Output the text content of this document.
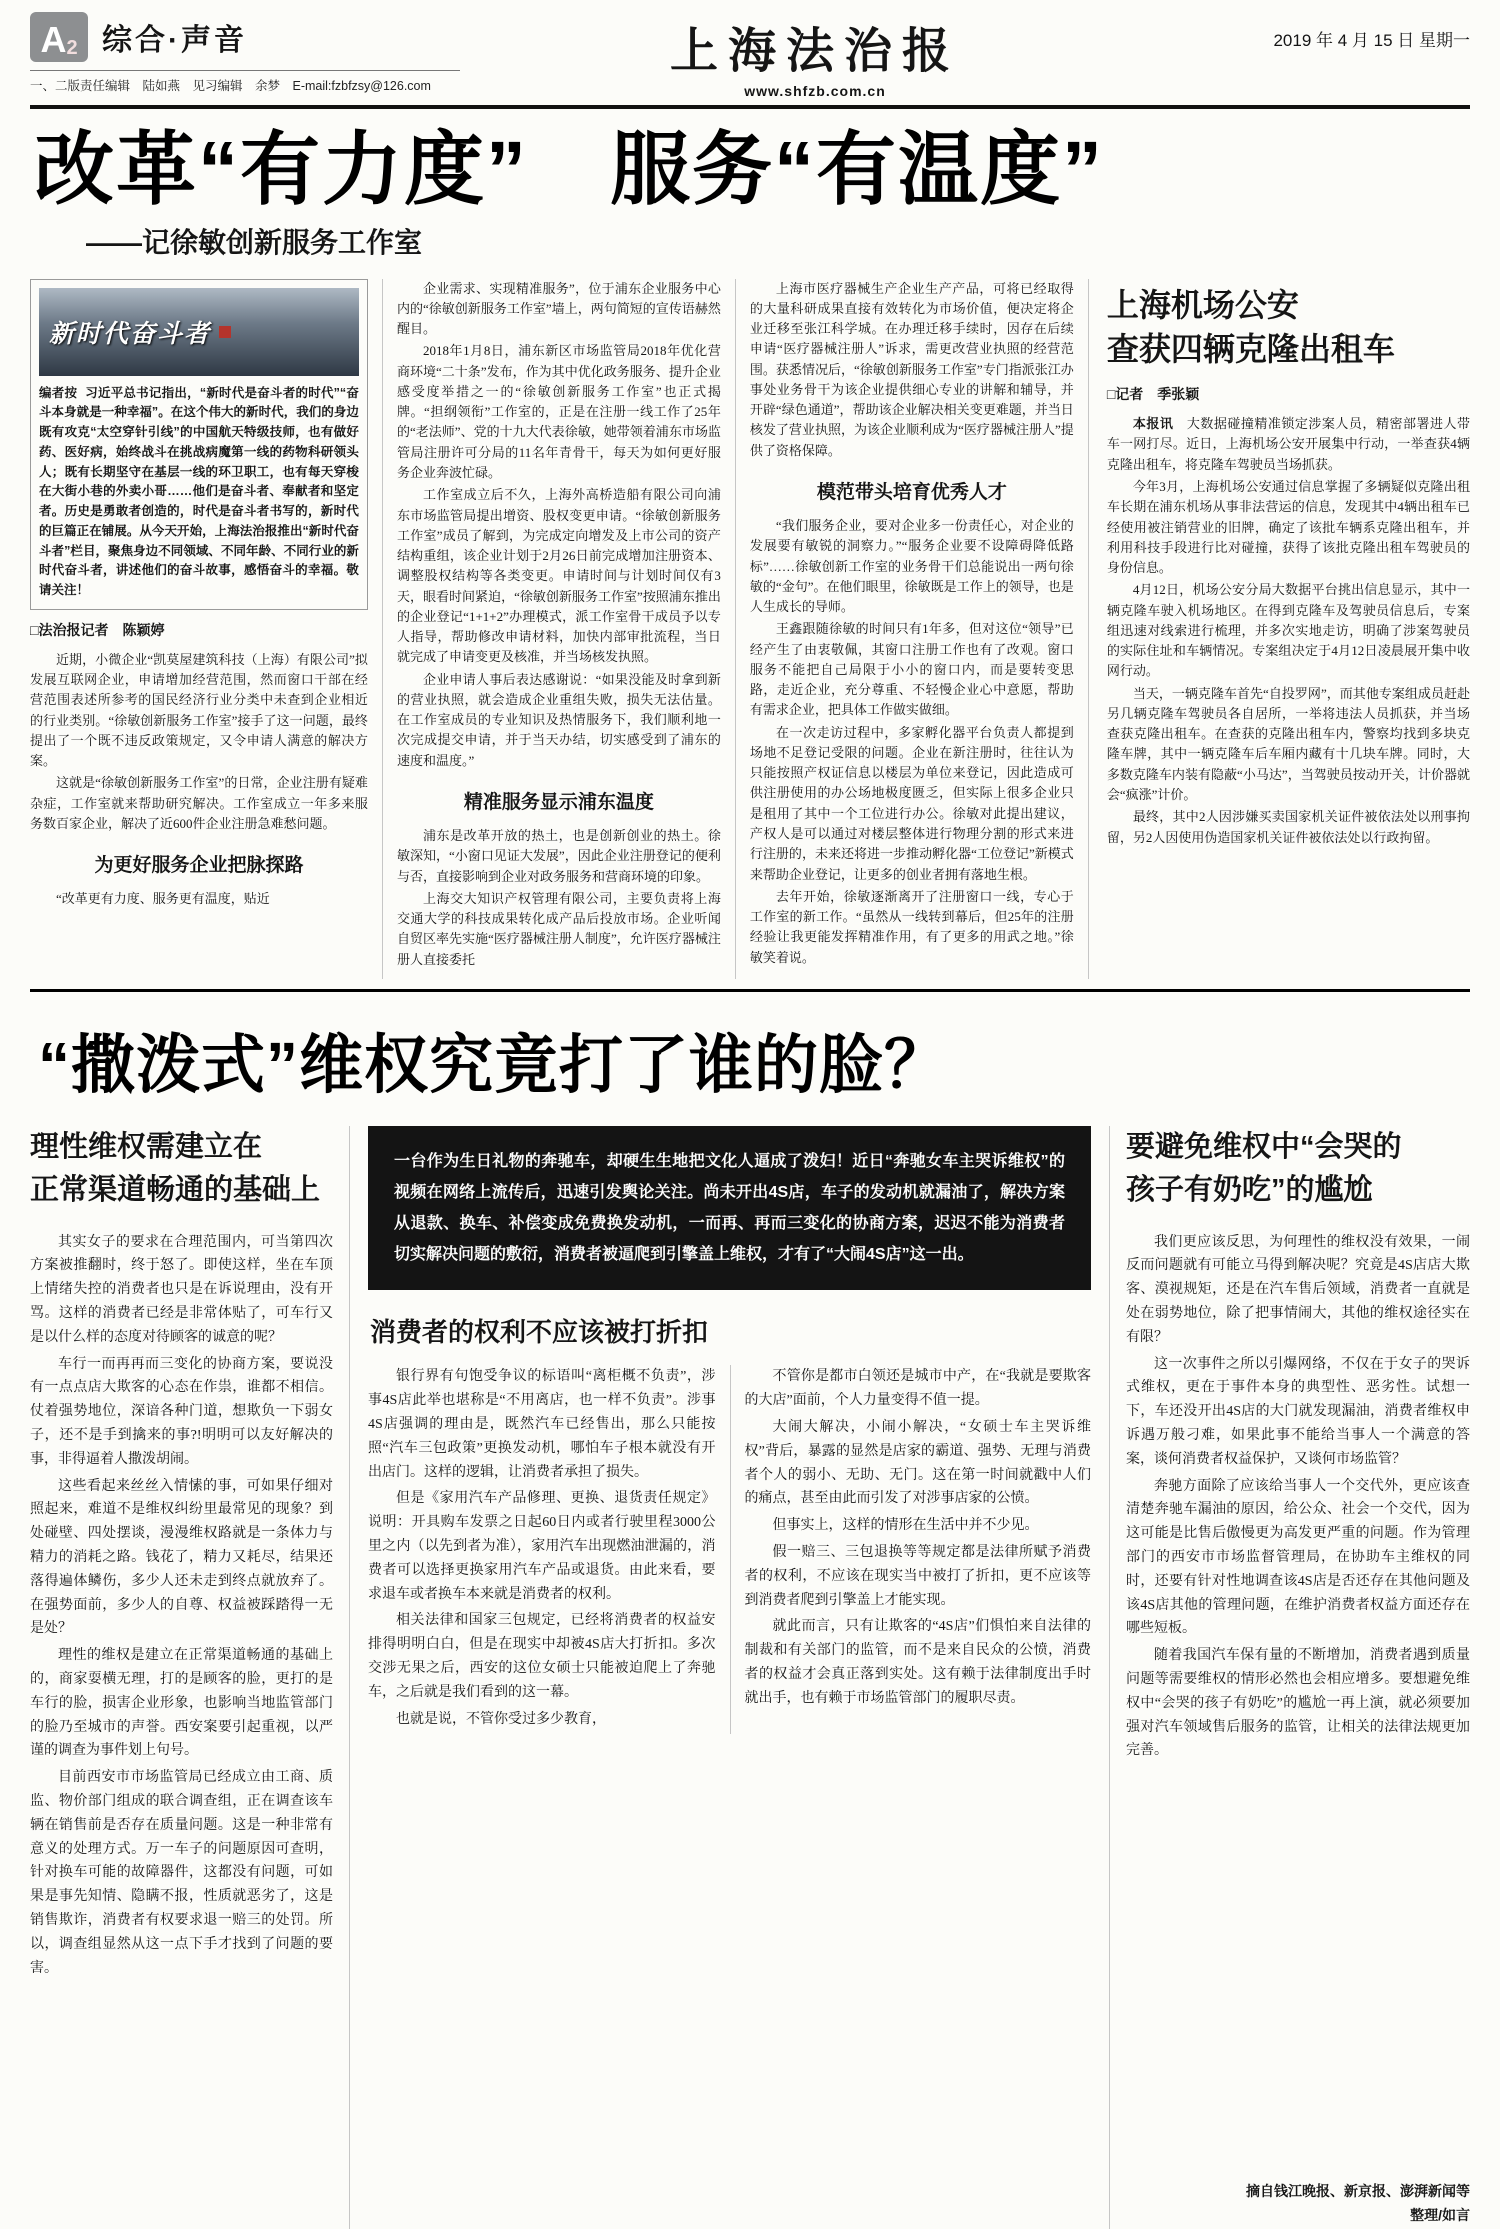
A 2 综合·声音
一、二版责任编辑　陆如燕　见习编辑　余梦　E-mail:fzbfzsy@126.com
上海法治报
www.shfzb.com.cn
2019 年 4 月 15 日 星期一
改革“有力度”　服务“有温度”
——记徐敏创新服务工作室
新时代奋斗者

编者按 习近平总书记指出，“新时代是奋斗者的时代”“奋斗本身就是一种幸福”。在这个伟大的新时代，我们的身边既有攻克“太空穿针引线”的中国航天特级技师，也有做好药、医好病，始终战斗在挑战病魔第一线的药物科研领头人；既有长期坚守在基层一线的环卫职工，也有每天穿梭在大街小巷的外卖小哥……他们是奋斗者、奉献者和坚定者。历史是勇敢者创造的，时代是奋斗者书写的，新时代的巨篇正在铺展。从今天开始，上海法治报推出“新时代奋斗者”栏目，聚焦身边不同领域、不同年龄、不同行业的新时代奋斗者，讲述他们的奋斗故事，感悟奋斗的幸福。敬请关注！

□法治报记者　陈颖婷

近期，小微企业“凯莫屋建筑科技（上海）有限公司”拟发展互联网企业，申请增加经营范围，然而窗口干部在经营范围表述所参考的国民经济行业分类中未查到企业相近的行业类别。“徐敏创新服务工作室”接手了这一问题，最终提出了一个既不违反政策规定，又令申请人满意的解决方案。

这就是“徐敏创新服务工作室”的日常，企业注册有疑难杂症，工作室就来帮助研究解决。工作室成立一年多来服务数百家企业，解决了近600件企业注册急难愁问题。

为更好服务企业把脉探路

“改革更有力度、服务更有温度，贴近

企业需求、实现精准服务”，位于浦东企业服务中心内的“徐敏创新服务工作室”墙上，两句简短的宣传语赫然醒目。

2018年1月8日，浦东新区市场监管局2018年优化营商环境“二十条”发布，作为其中优化政务服务、提升企业感受度举措之一的“徐敏创新服务工作室”也正式揭牌。“担纲领衔”工作室的，正是在注册一线工作了25年的“老法师”、党的十九大代表徐敏，她带领着浦东市场监管局注册许可分局的11名年青骨干，每天为如何更好服务企业奔波忙碌。

工作室成立后不久，上海外高桥造船有限公司向浦东市场监管局提出增资、股权变更申请。“徐敏创新服务工作室”成员了解到，为完成定向增发及上市公司的资产结构重组，该企业计划于2月26日前完成增加注册资本、调整股权结构等各类变更。申请时间与计划时间仅有3天，眼看时间紧迫，“徐敏创新服务工作室”按照浦东推出的企业登记“1+1+2”办理模式，派工作室骨干成员予以专人指导，帮助修改申请材料，加快内部审批流程，当日就完成了申请变更及核准，并当场核发执照。

企业申请人事后表达感谢说：“如果没能及时拿到新的营业执照，就会造成企业重组失败，损失无法估量。在工作室成员的专业知识及热情服务下，我们顺利地一次完成提交申请，并于当天办结，切实感受到了浦东的速度和温度。”

精准服务显示浦东温度

浦东是改革开放的热土，也是创新创业的热土。徐敏深知，“小窗口见证大发展”，因此企业注册登记的便利与否，直接影响到企业对政务服务和营商环境的印象。

上海交大知识产权管理有限公司，主要负责将上海交通大学的科技成果转化成产品后投放市场。企业听闻自贸区率先实施“医疗器械注册人制度”，允许医疗器械注册人直接委托

上海市医疗器械生产企业生产产品，可将已经取得的大量科研成果直接有效转化为市场价值，便决定将企业迁移至张江科学城。在办理迁移手续时，因存在后续申请“医疗器械注册人”诉求，需更改营业执照的经营范围。获悉情况后，“徐敏创新服务工作室”专门指派张江办事处业务骨干为该企业提供细心专业的讲解和辅导，并开辟“绿色通道”，帮助该企业解决相关变更难题，并当日核发了营业执照，为该企业顺利成为“医疗器械注册人”提供了资格保障。

模范带头培育优秀人才

“我们服务企业，要对企业多一份责任心，对企业的发展要有敏锐的洞察力。”“服务企业要不设障碍降低路标”……徐敏创新工作室的业务骨干们总能说出一两句徐敏的“金句”。在他们眼里，徐敏既是工作上的领导，也是人生成长的导师。

王鑫跟随徐敏的时间只有1年多，但对这位“领导”已经产生了由衷敬佩，其窗口注册工作也有了改观。窗口服务不能把自己局限于小小的窗口内，而是要转变思路，走近企业，充分尊重、不轻慢企业心中意愿，帮助有需求企业，把具体工作做实做细。

在一次走访过程中，多家孵化器平台负责人都提到场地不足登记受限的问题。企业在新注册时，往往认为只能按照产权证信息以楼层为单位来登记，因此造成可供注册使用的办公场地极度匮乏，但实际上很多企业只是租用了其中一个工位进行办公。徐敏对此提出建议，产权人是可以通过对楼层整体进行物理分割的形式来进行注册的，未来还将进一步推动孵化器“工位登记”新模式来帮助企业登记，让更多的创业者拥有落地生根。

去年开始，徐敏逐渐离开了注册窗口一线，专心于工作室的新工作。“虽然从一线转到幕后，但25年的注册经验让我更能发挥精准作用，有了更多的用武之地。”徐敏笑着说。

上海机场公安
查获四辆克隆出租车
□记者　季张颖

本报讯　大数据碰撞精准锁定涉案人员，精密部署进人带车一网打尽。近日，上海机场公安开展集中行动，一举查获4辆克隆出租车，将克隆车驾驶员当场抓获。

今年3月，上海机场公安通过信息掌握了多辆疑似克隆出租车长期在浦东机场从事非法营运的信息，发现其中4辆出租车已经使用被注销营业的旧牌，确定了该批车辆系克隆出租车，并利用科技手段进行比对碰撞，获得了该批克隆出租车驾驶员的身份信息。

4月12日，机场公安分局大数据平台挑出信息显示，其中一辆克隆车驶入机场地区。在得到克隆车及驾驶员信息后，专案组迅速对线索进行梳理，并多次实地走访，明确了涉案驾驶员的实际住址和车辆情况。专案组决定于4月12日凌晨展开集中收网行动。

当天，一辆克隆车首先“自投罗网”，而其他专案组成员赶赴另几辆克隆车驾驶员各自居所，一举将违法人员抓获，并当场查获克隆出租车。在查获的克隆出租车内，警察均找到多块克隆车牌，其中一辆克隆车后车厢内藏有十几块车牌。同时，大多数克隆车内装有隐蔽“小马达”，当驾驶员按动开关，计价器就会“疯涨”计价。

最终，其中2人因涉嫌买卖国家机关证件被依法处以刑事拘留，另2人因使用伪造国家机关证件被依法处以行政拘留。

“撒泼式”维权究竟打了谁的脸？
理性维权需建立在
正常渠道畅通的基础上

其实女子的要求在合理范围内，可当第四次方案被推翻时，终于怒了。即使这样，坐在车顶上情绪失控的消费者也只是在诉说理由，没有开骂。这样的消费者已经是非常体贴了，可车行又是以什么样的态度对待顾客的诚意的呢？

车行一而再再而三变化的协商方案，要说没有一点点店大欺客的心态在作祟，谁都不相信。仗着强势地位，深谙各种门道，想欺负一下弱女子，还不是手到擒来的事?!明明可以友好解决的事，非得逼着人撒泼胡闹。

这些看起来丝丝入情愫的事，可如果仔细对照起来，难道不是维权纠纷里最常见的现象？到处碰壁、四处摆谈，漫漫维权路就是一条体力与精力的消耗之路。钱花了，精力又耗尽，结果还落得遍体鳞伤，多少人还未走到终点就放弃了。在强势面前，多少人的自尊、权益被踩踏得一无是处？

理性的维权是建立在正常渠道畅通的基础上的，商家耍横无理，打的是顾客的脸，更打的是车行的脸，损害企业形象，也影响当地监管部门的脸乃至城市的声誉。西安案要引起重视，以严谨的调查为事件划上句号。

目前西安市市场监管局已经成立由工商、质监、物价部门组成的联合调查组，正在调查该车辆在销售前是否存在质量问题。这是一种非常有意义的处理方式。万一车子的问题原因可查明，针对换车可能的故障器件，这都没有问题，可如果是事先知情、隐瞒不报，性质就恶劣了，这是销售欺诈，消费者有权要求退一赔三的处罚。所以，调查组显然从这一点下手才找到了问题的要害。

一台作为生日礼物的奔驰车，却硬生生地把文化人逼成了泼妇！近日“奔驰女车主哭诉维权”的视频在网络上流传后，迅速引发舆论关注。尚未开出4S店，车子的发动机就漏油了，解决方案从退款、换车、补偿变成免费换发动机，一而再、再而三变化的协商方案，迟迟不能为消费者切实解决问题的敷衍，消费者被逼爬到引擎盖上维权，才有了“大闹4S店”这一出。
消费者的权利不应该被打折扣

银行界有句饱受争议的标语叫“离柜概不负责”，涉事4S店此举也堪称是“不用离店，也一样不负责”。涉事4S店强调的理由是，既然汽车已经售出，那么只能按照“汽车三包政策”更换发动机，哪怕车子根本就没有开出店门。这样的逻辑，让消费者承担了损失。

但是《家用汽车产品修理、更换、退货责任规定》说明：开具购车发票之日起60日内或者行驶里程3000公里之内（以先到者为准），家用汽车出现燃油泄漏的，消费者可以选择更换家用汽车产品或退货。由此来看，要求退车或者换车本来就是消费者的权利。

相关法律和国家三包规定，已经将消费者的权益安排得明明白白，但是在现实中却被4S店大打折扣。多次交涉无果之后，西安的这位女硕士只能被迫爬上了奔驰车，之后就是我们看到的这一幕。

也就是说，不管你受过多少教育，

不管你是都市白领还是城市中产，在“我就是要欺客的大店”面前，个人力量变得不值一提。

大闹大解决，小闹小解决，“女硕士车主哭诉维权”背后，暴露的显然是店家的霸道、强势、无理与消费者个人的弱小、无助、无门。这在第一时间就戳中人们的痛点，甚至由此而引发了对涉事店家的公愤。

但事实上，这样的情形在生活中并不少见。

假一赔三、三包退换等等规定都是法律所赋予消费者的权利，不应该在现实当中被打了折扣，更不应该等到消费者爬到引擎盖上才能实现。

就此而言，只有让欺客的“4S店”们惧怕来自法律的制裁和有关部门的监管，而不是来自民众的公愤，消费者的权益才会真正落到实处。这有赖于法律制度出手时就出手，也有赖于市场监管部门的履职尽责。

要避免维权中“会哭的
孩子有奶吃”的尴尬

我们更应该反思，为何理性的维权没有效果，一闹反而问题就有可能立马得到解决呢？究竟是4S店店大欺客、漠视规矩，还是在汽车售后领域，消费者一直就是处在弱势地位，除了把事情闹大，其他的维权途径实在有限？

这一次事件之所以引爆网络，不仅在于女子的哭诉式维权，更在于事件本身的典型性、恶劣性。试想一下，车还没开出4S店的大门就发现漏油，消费者维权申诉遇万般刁难，如果此事不能给当事人一个满意的答案，谈何消费者权益保护，又谈何市场监管？

奔驰方面除了应该给当事人一个交代外，更应该查清楚奔驰车漏油的原因，给公众、社会一个交代，因为这可能是比售后傲慢更为高发更严重的问题。作为管理部门的西安市市场监督管理局，在协助车主维权的同时，还要有针对性地调查该4S店是否还存在其他问题及该4S店其他的管理问题，在维护消费者权益方面还存在哪些短板。

随着我国汽车保有量的不断增加，消费者遇到质量问题等需要维权的情形必然也会相应增多。要想避免维权中“会哭的孩子有奶吃”的尴尬一再上演，就必须要加强对汽车领域售后服务的监管，让相关的法律法规更加完善。

摘自钱江晚报、新京报、澎湃新闻等
整理/如言
